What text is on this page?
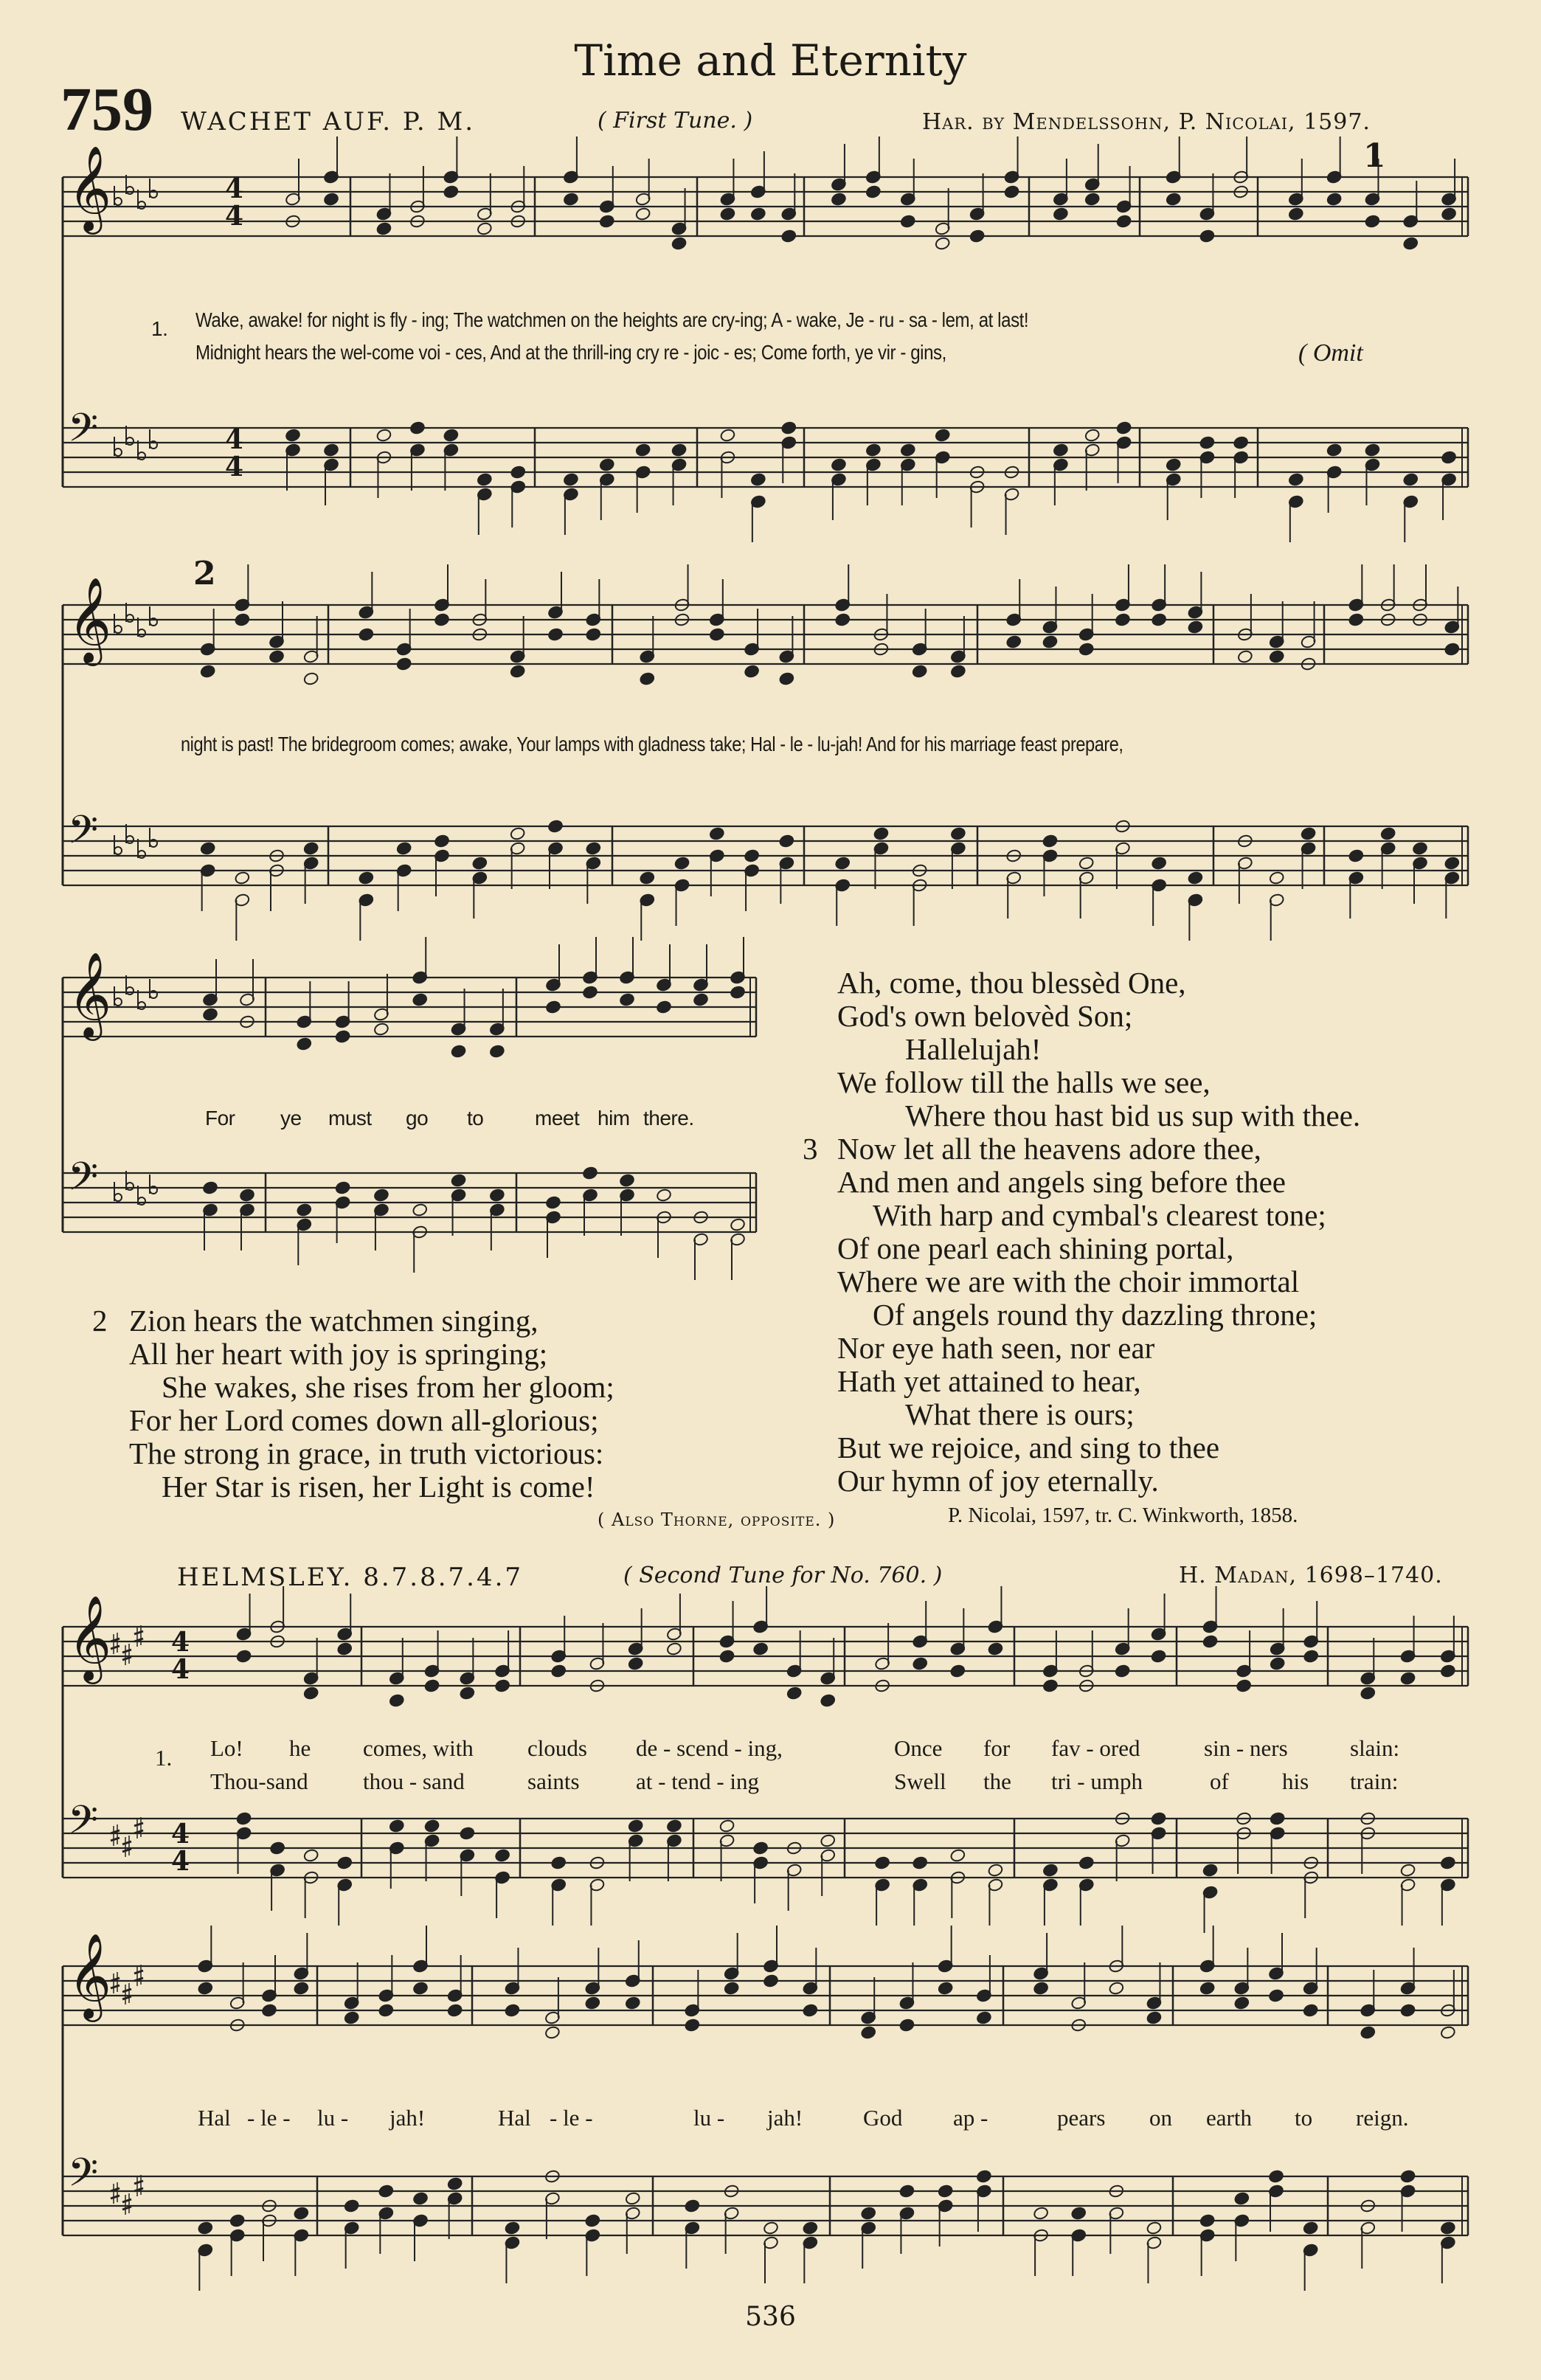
Time and Eternity
759 WACHET AUF. P. M.	( First Tune. )	Har. by Mendelssohn, P. Nicolai, 1597.
𝄞
𝄢
4
4
4
4
𝄞
𝄢
𝄞
𝄢
𝄞
𝄢
4
4
4
4
𝄞
𝄢
1
2
1. Wake, awake! for night is fly - ing; The watchmen on the heights are cry-ing; A - wake, Je - ru - sa - lem, at last!
Midnight hears the wel-come voi - ces, And at the thrill-ing cry re - joic - es; Come forth, ye vir - gins,	( Omit
night is past! The bridegroom comes; awake, Your lamps with gladness take; Hal - le - lu-jah! And for his marriage feast prepare,
For ye must go to meet him there.
Ah, come, thou blessèd One,
God's own belovèd Son;
Hallelujah!
We follow till the halls we see,
Where thou hast bid us sup with thee.
3 Now let all the heavens adore thee,
And men and angels sing before thee
With harp and cymbal's clearest tone;
Of one pearl each shining portal,
Where we are with the choir immortal
Of angels round thy dazzling throne;
Nor eye hath seen, nor ear
Hath yet attained to hear,
What there is ours;
But we rejoice, and sing to thee
Our hymn of joy eternally.
2 Zion hears the watchmen singing,
All her heart with joy is springing;
She wakes, she rises from her gloom;
For her Lord comes down all-glorious;
The strong in grace, in truth victorious:
Her Star is risen, her Light is come!
( Also Thorne, opposite. )	P. Nicolai, 1597, tr. C. Winkworth, 1858.
HELMSLEY. 8.7.8.7.4.7	( Second Tune for No. 760. )	H. Madan, 1698–1740.
1. Lo! he comes, with clouds de - scend - ing,	Once for fav - ored	sin - ners	slain:
Thou-sand thou - sand	saints at - tend - ing	Swell the tri - umph	of his train:
Hal - le - lu - jah!	Hal - le -	lu - jah!	God ap -	pears on earth to reign.
536
